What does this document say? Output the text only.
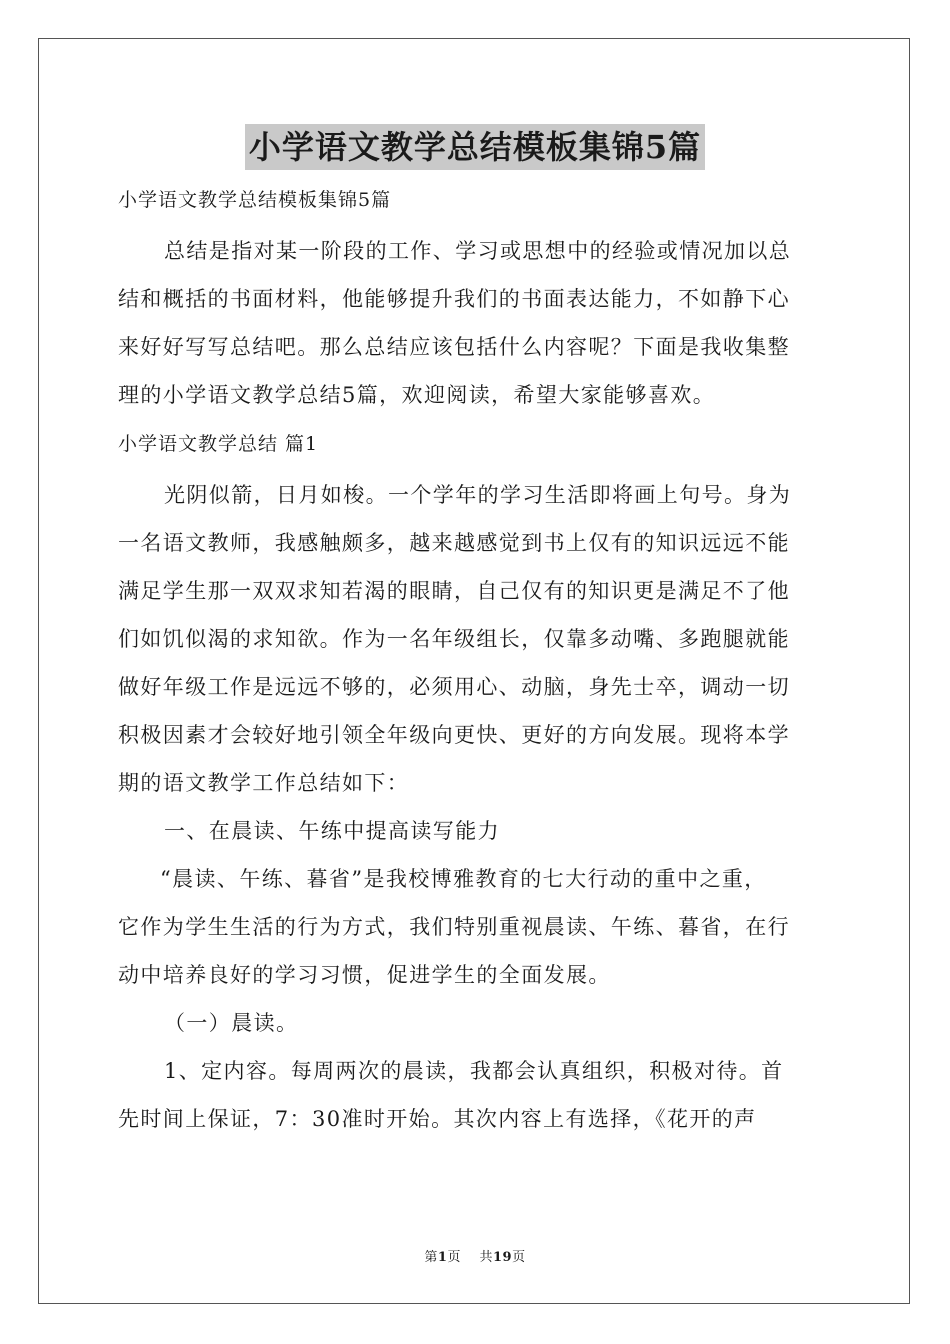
小学语文教学总结模板集锦5篇
小学语文教学总结模板集锦5篇
总结是指对某一阶段的工作、学习或思想中的经验或情况加以总
结和概括的书面材料，他能够提升我们的书面表达能力，不如静下心
来好好写写总结吧。那么总结应该包括什么内容呢？下面是我收集整
理的小学语文教学总结5篇，欢迎阅读，希望大家能够喜欢。
小学语文教学总结 篇1
光阴似箭，日月如梭。一个学年的学习生活即将画上句号。身为
一名语文教师，我感触颇多，越来越感觉到书上仅有的知识远远不能
满足学生那一双双求知若渴的眼睛，自己仅有的知识更是满足不了他
们如饥似渴的求知欲。作为一名年级组长，仅靠多动嘴、多跑腿就能
做好年级工作是远远不够的，必须用心、动脑，身先士卒，调动一切
积极因素才会较好地引领全年级向更快、更好的方向发展。现将本学
期的语文教学工作总结如下：
一、在晨读、午练中提高读写能力
“晨读、午练、暮省”是我校博雅教育的七大行动的重中之重，
它作为学生生活的行为方式，我们特别重视晨读、午练、暮省，在行
动中培养良好的学习习惯，促进学生的全面发展。
（一）晨读。
1、定内容。每周两次的晨读，我都会认真组织，积极对待。首
先时间上保证，7：30准时开始。其次内容上有选择，《花开的声
第1页    共19页
